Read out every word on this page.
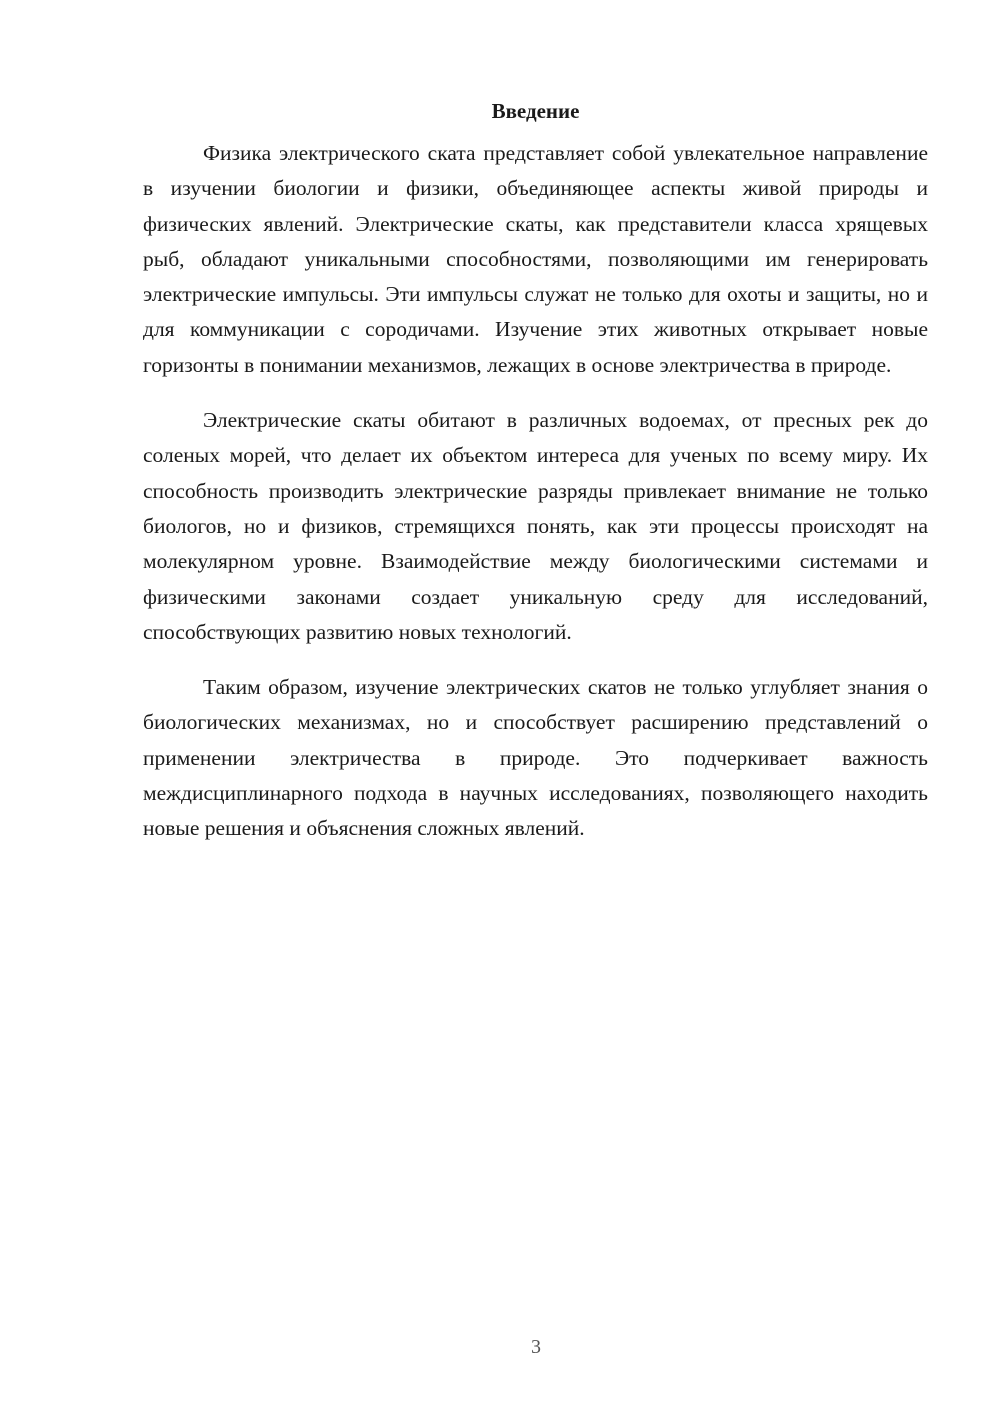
Введение

Физика электрического ската представляет собой увлекательное направление в изучении биологии и физики, объединяющее аспекты живой природы и физических явлений. Электрические скаты, как представители класса хрящевых рыб, обладают уникальными способностями, позволяющими им генерировать электрические импульсы. Эти импульсы служат не только для охоты и защиты, но и для коммуникации с сородичами. Изучение этих животных открывает новые горизонты в понимании механизмов, лежащих в основе электричества в природе.

Электрические скаты обитают в различных водоемах, от пресных рек до соленых морей, что делает их объектом интереса для ученых по всему миру. Их способность производить электрические разряды привлекает внимание не только биологов, но и физиков, стремящихся понять, как эти процессы происходят на молекулярном уровне. Взаимодействие между биологическими системами и физическими законами создает уникальную среду для исследований, способствующих развитию новых технологий.

Таким образом, изучение электрических скатов не только углубляет знания о биологических механизмах, но и способствует расширению представлений о применении электричества в природе. Это подчеркивает важность междисциплинарного подхода в научных исследованиях, позволяющего находить новые решения и объяснения сложных явлений.

3
